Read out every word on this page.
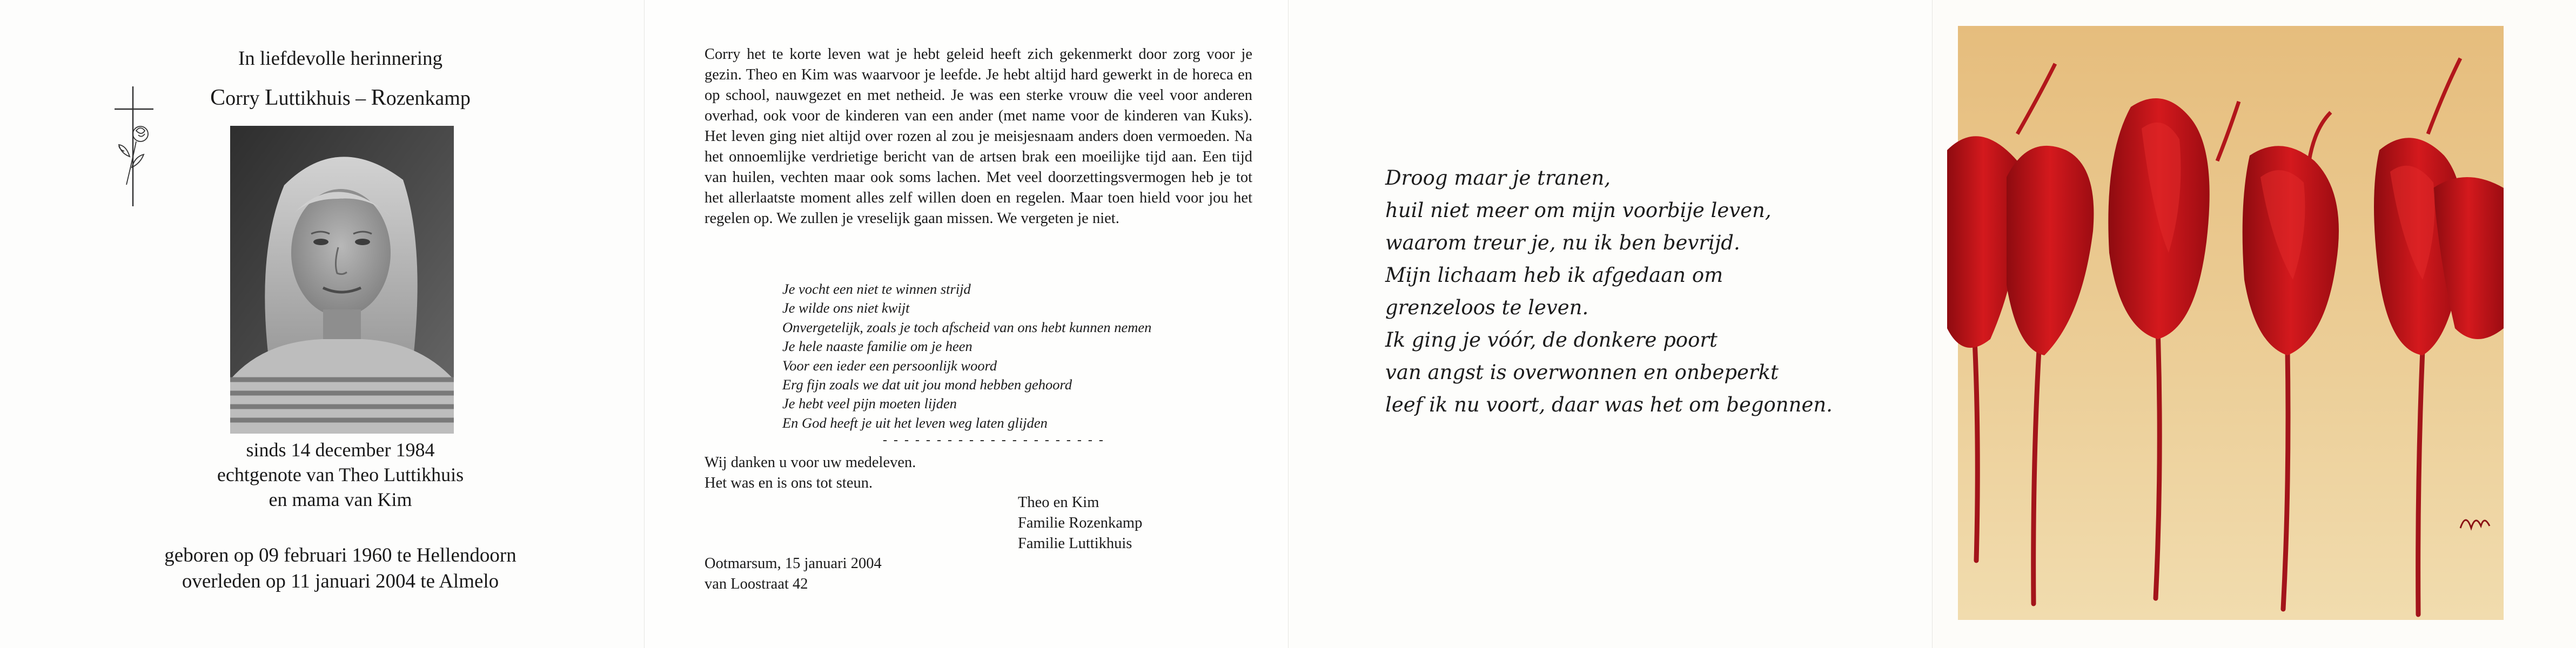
In liefdevolle herinnering
Corry Luttikhuis – Rozenkamp
sinds 14 december 1984
echtgenote van Theo Luttikhuis
en mama van Kim
geboren op 09 februari 1960 te Hellendoorn
overleden op 11 januari 2004 te Almelo
Corry het te korte leven wat je hebt geleid heeft zich gekenmerkt door zorg voor je gezin. Theo en Kim was waarvoor je leefde. Je hebt altijd hard gewerkt in de horeca en op school, nauwgezet en met netheid. Je was een sterke vrouw die veel voor anderen overhad, ook voor de kinderen van een ander (met name voor de kinderen van Kuks). Het leven ging niet altijd over rozen al zou je meisjesnaam anders doen vermoeden. Na het onnoemlijke verdrietige bericht van de artsen brak een moeilijke tijd aan. Een tijd van huilen, vechten maar ook soms lachen. Met veel doorzettingsvermogen heb je tot het allerlaatste moment alles zelf willen doen en regelen. Maar toen hield voor jou het regelen op. We zullen je vreselijk gaan missen. We vergeten je niet.
Je vocht een niet te winnen strijd
Je wilde ons niet kwijt
Onvergetelijk, zoals je toch afscheid van ons hebt kunnen nemen
Je hele naaste familie om je heen
Voor een ieder een persoonlijk woord
Erg fijn zoals we dat uit jou mond hebben gehoord
Je hebt veel pijn moeten lijden
En God heeft je uit het leven weg laten glijden
- - - - - - - - - - - - - - - - - - - - -
Wij danken u voor uw medeleven.
Het was en is ons tot steun.
Theo en Kim
Familie Rozenkamp
Familie Luttikhuis
Ootmarsum, 15 januari 2004
van Loostraat 42
Droog maar je tranen,
huil niet meer om mijn voorbije leven,
waarom treur je, nu ik ben bevrijd.
Mijn lichaam heb ik afgedaan om
grenzeloos te leven.
Ik ging je vóór, de donkere poort
van angst is overwonnen en onbeperkt
leef ik nu voort, daar was het om begonnen.
